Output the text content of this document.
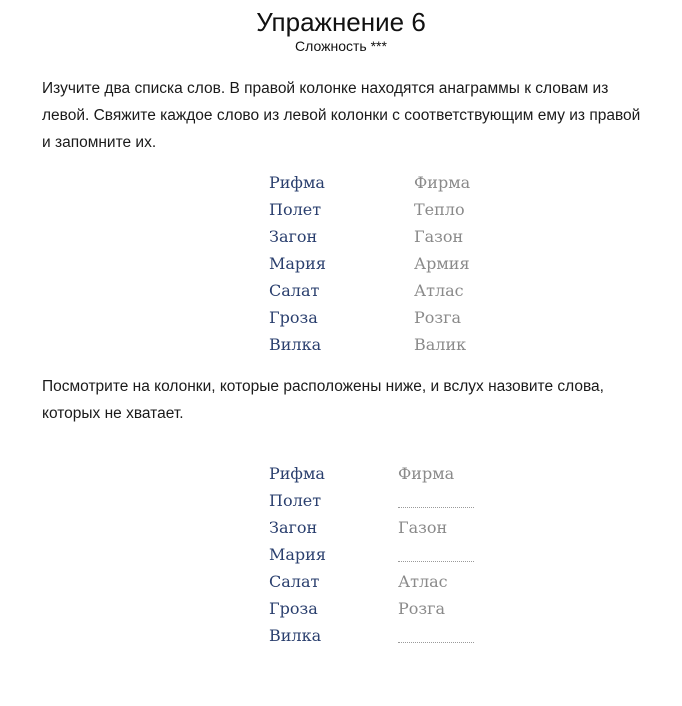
Упражнение 6
Сложность ***
Изучите два списка слов. В правой колонке находятся анаграммы к словам из левой. Свяжите каждое слово из левой колонки с соответствующим ему из правой и запомните их.
Рифма
Полет
Загон
Мария
Салат
Гроза
Вилка
Фирма
Тепло
Газон
Армия
Атлас
Розга
Валик
Посмотрите на колонки, которые расположены ниже, и вслух назовите слова, которых не хватает.
Рифма
Полет
Загон
Мария
Салат
Гроза
Вилка
Фирма
Газон
Атлас
Розга
